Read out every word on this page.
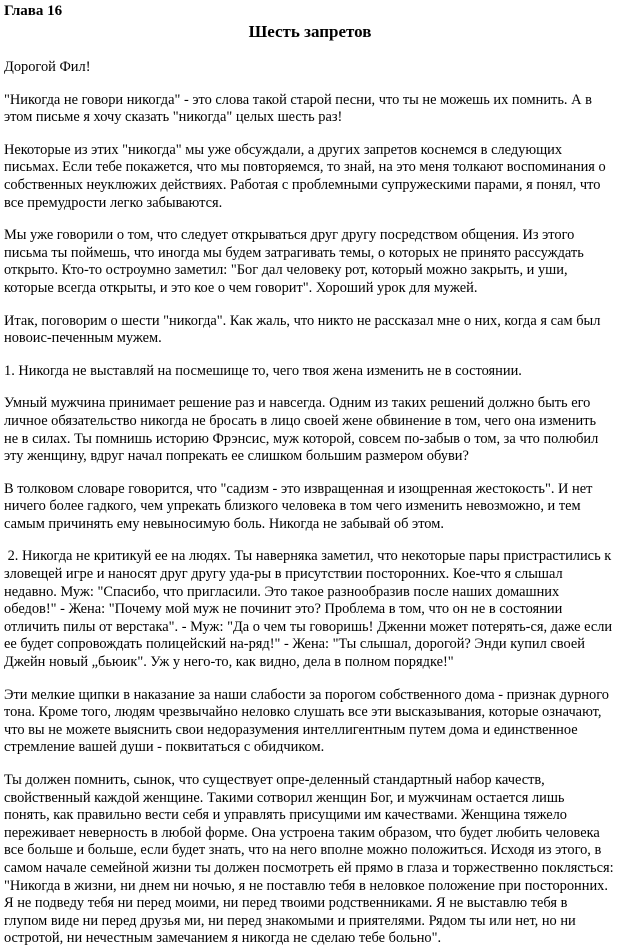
Глава 16
Шесть запретов

Дорогой Фил!

"Никогда не говори никогда" - это слова такой старой песни, что ты не можешь их помнить. А в
этом письме я хочу сказать "никогда" целых шесть раз!

Некоторые из этих "никогда" мы уже обсуждали, а других запретов коснемся в следующих
письмах. Если тебе покажется, что мы повторяемся, то знай, на это меня толкают воспоминания о
собственных неуклюжих действиях. Работая с проблемными супружескими парами, я понял, что
все премудрости легко забываются.

Мы уже говорили о том, что следует открываться друг другу посредством общения. Из этого
письма ты поймешь, что иногда мы будем затрагивать темы, о которых не принято рассуждать
открыто. Кто-то остроумно заметил: "Бог дал человеку рот, который можно закрыть, и уши,
которые всегда открыты, и это кое о чем говорит". Хороший урок для мужей.

Итак, поговорим о шести "никогда". Как жаль, что никто не рассказал мне о них, когда я сам был
новоис-печенным мужем.

1. Никогда не выставляй на посмешище то, чего твоя жена изменить не в состоянии.

Умный мужчина принимает решение раз и навсегда. Одним из таких решений должно быть его
личное обязательство никогда не бросать в лицо своей жене обвинение в том, чего она изменить
не в силах. Ты помнишь историю Фрэнсис, муж которой, совсем по-забыв о том, за что полюбил
эту женщину, вдруг начал попрекать ее слишком большим размером обуви?

В толковом словаре говорится, что "садизм - это извращенная и изощренная жестокость". И нет
ничего более гадкого, чем упрекать близкого человека в том чего изменить невозможно, и тем
самым причинять ему невыносимую боль. Никогда не забывай об этом.

2. Никогда не критикуй ее на людях. Ты наверняка заметил, что некоторые пары пристрастились к
зловещей игре и наносят друг другу уда-ры в присутствии посторонних. Кое-что я слышал
недавно. Муж: "Спасибо, что пригласили. Это такое разнообразив после наших домашних
обедов!" - Жена: "Почему мой муж не починит это? Проблема в том, что он не в состоянии
отличить пилы от верстака". - Муж: "Да о чем ты говоришь! Дженни может потерять-ся, даже если
ее будет сопровождать полицейский на-ряд!" - Жена: "Ты слышал, дорогой? Энди купил своей
Джейн новый „бьюик". Уж у него-то, как видно, дела в полном порядке!"

Эти мелкие щипки в наказание за наши слабости за порогом собственного дома - признак дурного
тона. Кроме того, людям чрезвычайно неловко слушать все эти высказывания, которые означают,
что вы не можете выяснить свои недоразумения интеллигентным путем дома и единственное
стремление вашей души - поквитаться с обидчиком.

Ты должен помнить, сынок, что существует опре-деленный стандартный набор качеств,
свойственный каждой женщине. Такими сотворил женщин Бог, и мужчинам остается лишь
понять, как правильно вести себя и управлять присущими им качествами. Женщина тяжело
переживает неверность в любой форме. Она устроена таким образом, что будет любить человека
все больше и больше, если будет знать, что на него вполне можно положиться. Исходя из этого, в
самом начале семейной жизни ты должен посмотреть ей прямо в глаза и торжественно поклясться:
"Никогда в жизни, ни днем ни ночью, я не поставлю тебя в неловкое положение при посторонних.
Я не подведу тебя ни перед моими, ни перед твоими родственниками. Я не выставлю тебя в
глупом виде ни перед друзья ми, ни перед знакомыми и приятелями. Рядом ты или нет, но ни
остротой, ни нечестным замечанием я никогда не сделаю тебе больно".
